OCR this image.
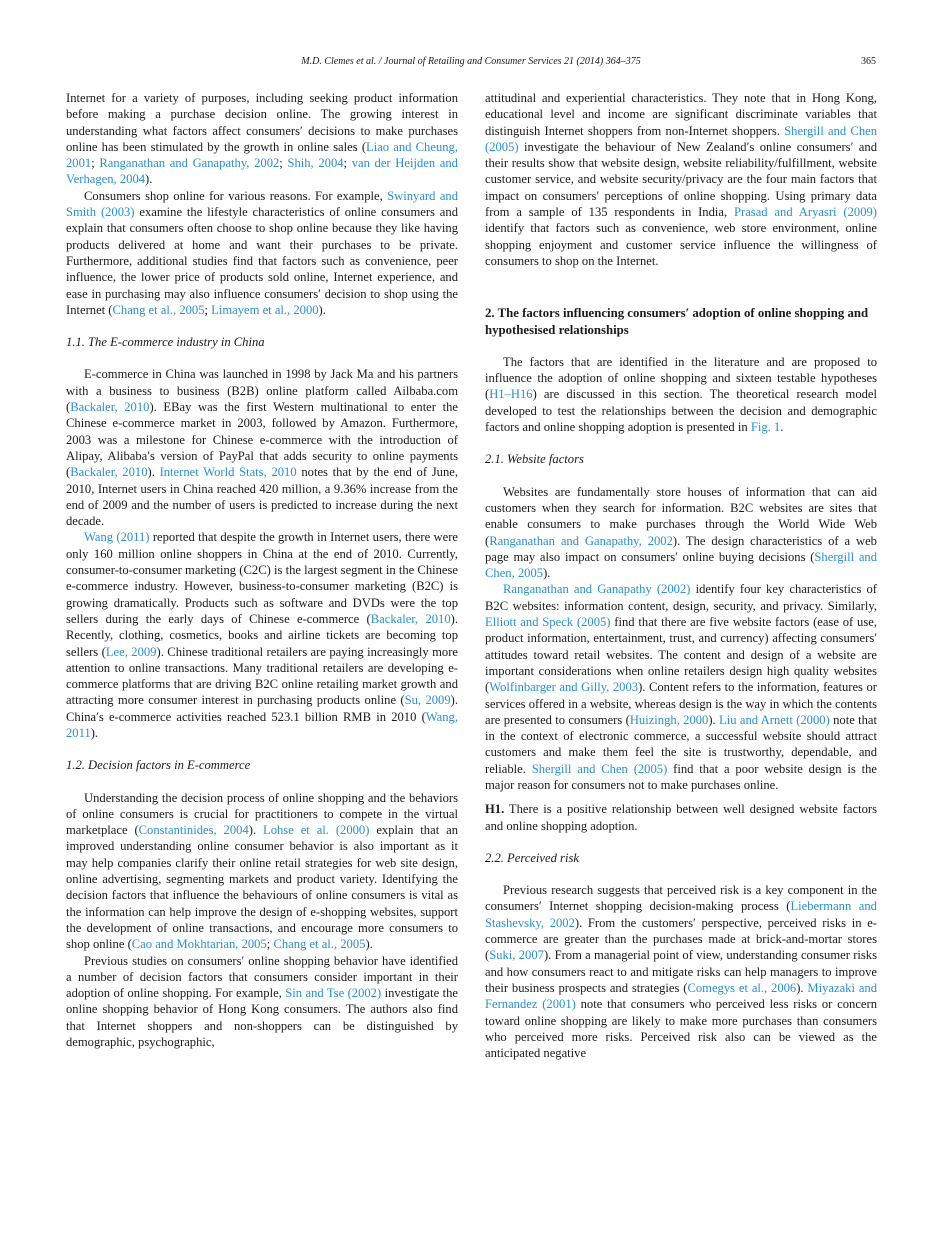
M.D. Clemes et al. / Journal of Retailing and Consumer Services 21 (2014) 364–375	365

Internet for a variety of purposes, including seeking product information before making a purchase decision online. The growing interest in understanding what factors affect consumers′ decisions to make purchases online has been stimulated by the growth in online sales (Liao and Cheung, 2001; Ranganathan and Ganapathy, 2002; Shih, 2004; van der Heijden and Verhagen, 2004).

Consumers shop online for various reasons. For example, Swinyard and Smith (2003) examine the lifestyle characteristics of online consumers and explain that consumers often choose to shop online because they like having products delivered at home and want their purchases to be private. Furthermore, additional studies find that factors such as convenience, peer influence, the lower price of products sold online, Internet experience, and ease in purchasing may also influence consumers′ decision to shop using the Internet (Chang et al., 2005; Limayem et al., 2000).

1.1. The E-commerce industry in China

E-commerce in China was launched in 1998 by Jack Ma and his partners with a business to business (B2B) online platform called Ailbaba.com (Backaler, 2010). EBay was the first Western multinational to enter the Chinese e-commerce market in 2003, followed by Amazon. Furthermore, 2003 was a milestone for Chinese e-commerce with the introduction of Alipay, Alibaba′s version of PayPal that adds security to online payments (Backaler, 2010). Internet World Stats, 2010 notes that by the end of June, 2010, Internet users in China reached 420 million, a 9.36% increase from the end of 2009 and the number of users is predicted to increase during the next decade.

Wang (2011) reported that despite the growth in Internet users, there were only 160 million online shoppers in China at the end of 2010. Currently, consumer-to-consumer marketing (C2C) is the largest segment in the Chinese e-commerce industry. However, business-to-consumer marketing (B2C) is growing dramatically. Products such as software and DVDs were the top sellers during the early days of Chinese e-commerce (Backaler, 2010). Recently, clothing, cosmetics, books and airline tickets are becoming top sellers (Lee, 2009). Chinese traditional retailers are paying increasingly more attention to online transactions. Many traditional retailers are developing e-commerce platforms that are driving B2C online retailing market growth and attracting more consumer interest in purchasing products online (Su, 2009). China′s e-commerce activities reached 523.1 billion RMB in 2010 (Wang, 2011).

1.2. Decision factors in E-commerce

Understanding the decision process of online shopping and the behaviors of online consumers is crucial for practitioners to compete in the virtual marketplace (Constantinides, 2004). Lohse et al. (2000) explain that an improved understanding online consumer behavior is also important as it may help companies clarify their online retail strategies for web site design, online advertising, segmenting markets and product variety. Identifying the decision factors that influence the behaviours of online consumers is vital as the information can help improve the design of e-shopping websites, support the development of online transactions, and encourage more consumers to shop online (Cao and Mokhtarian, 2005; Chang et al., 2005).

Previous studies on consumers′ online shopping behavior have identified a number of decision factors that consumers consider important in their adoption of online shopping. For example, Sin and Tse (2002) investigate the online shopping behavior of Hong Kong consumers. The authors also find that Internet shoppers and non-shoppers can be distinguished by demographic, psychographic,

attitudinal and experiential characteristics. They note that in Hong Kong, educational level and income are significant discriminate variables that distinguish Internet shoppers from non-Internet shoppers. Shergill and Chen (2005) investigate the behaviour of New Zealand′s online consumers′ and their results show that website design, website reliability/fulfillment, website customer service, and website security/privacy are the four main factors that impact on consumers′ perceptions of online shopping. Using primary data from a sample of 135 respondents in India, Prasad and Aryasri (2009) identify that factors such as convenience, web store environment, online shopping enjoyment and customer service influence the willingness of consumers to shop on the Internet.

2. The factors influencing consumers′ adoption of online shopping and hypothesised relationships

The factors that are identified in the literature and are proposed to influence the adoption of online shopping and sixteen testable hypotheses (H1–H16) are discussed in this section. The theoretical research model developed to test the relationships between the decision and demographic factors and online shopping adoption is presented in Fig. 1.

2.1. Website factors

Websites are fundamentally store houses of information that can aid customers when they search for information. B2C websites are sites that enable consumers to make purchases through the World Wide Web (Ranganathan and Ganapathy, 2002). The design characteristics of a web page may also impact on consumers′ online buying decisions (Shergill and Chen, 2005).

Ranganathan and Ganapathy (2002) identify four key characteristics of B2C websites: information content, design, security, and privacy. Similarly, Elliott and Speck (2005) find that there are five website factors (ease of use, product information, entertainment, trust, and currency) affecting consumers′ attitudes toward retail websites. The content and design of a website are important considerations when online retailers design high quality websites (Wolfinbarger and Gilly, 2003). Content refers to the information, features or services offered in a website, whereas design is the way in which the contents are presented to consumers (Huizingh, 2000). Liu and Arnett (2000) note that in the context of electronic commerce, a successful website should attract customers and make them feel the site is trustworthy, dependable, and reliable. Shergill and Chen (2005) find that a poor website design is the major reason for consumers not to make purchases online.

H1. There is a positive relationship between well designed website factors and online shopping adoption.

2.2. Perceived risk

Previous research suggests that perceived risk is a key component in the consumers′ Internet shopping decision-making process (Liebermann and Stashevsky, 2002). From the customers′ perspective, perceived risks in e-commerce are greater than the purchases made at brick-and-mortar stores (Suki, 2007). From a managerial point of view, understanding consumer risks and how consumers react to and mitigate risks can help managers to improve their business prospects and strategies (Comegys et al., 2006). Miyazaki and Fernandez (2001) note that consumers who perceived less risks or concern toward online shopping are likely to make more purchases than consumers who perceived more risks. Perceived risk also can be viewed as the anticipated negative
